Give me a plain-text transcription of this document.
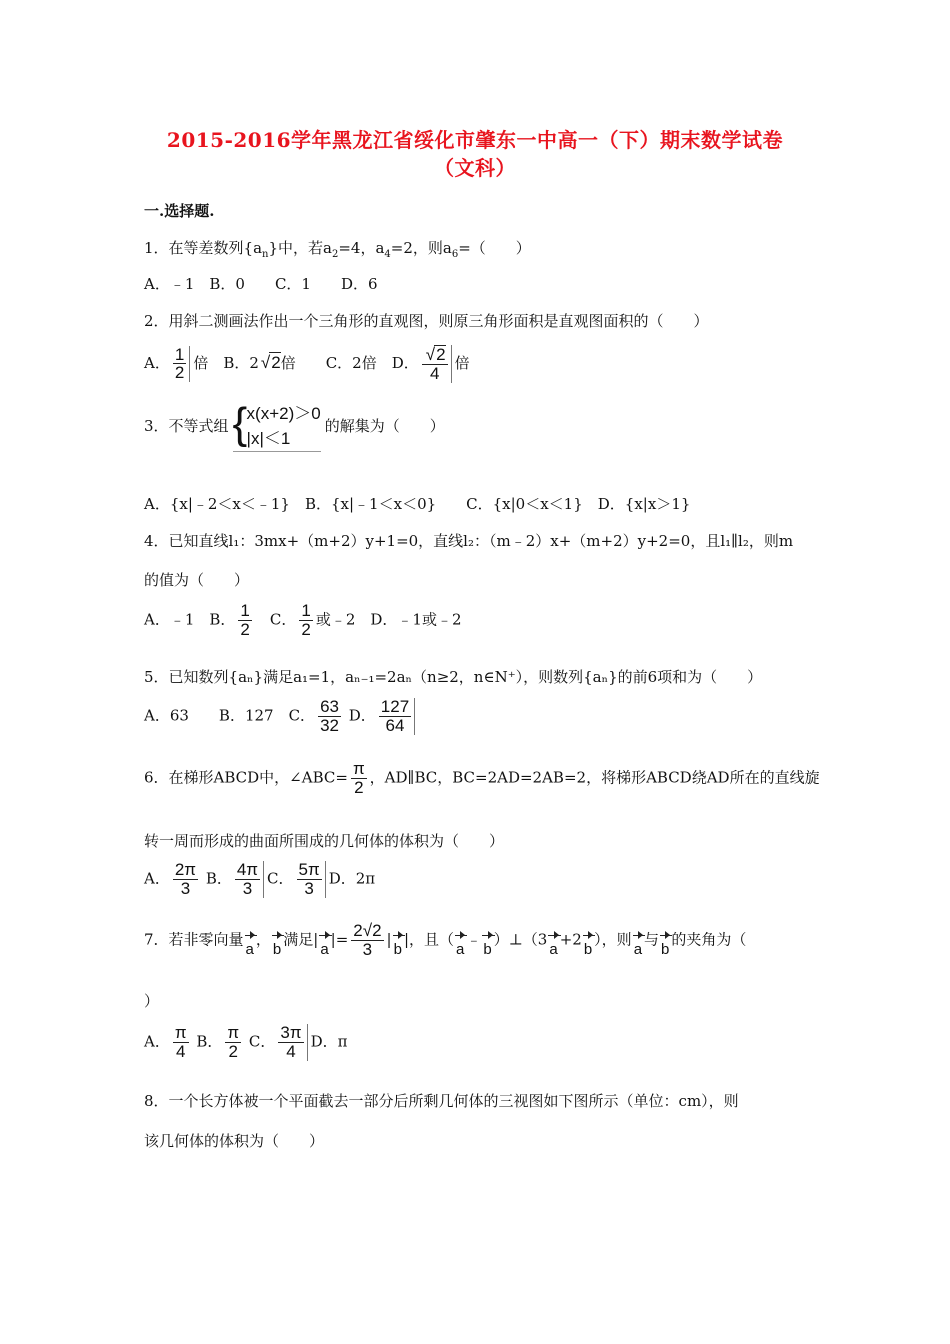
2015-2016学年黑龙江省绥化市肇东一中高一（下）期末数学试卷
（文科）
一.选择题.
1．在等差数列$\{a_n\}$中，若$a_2=4$，$a_4=2$，则$a_6=$（　　）
A．﹣1　B．0　　C．1　　D．6
2．用斜二测画法作出一个三角形的直观图，则原三角形面积是直观图面积的（　　）
A． $\frac{1}{2}$ 倍　B．2 √ 2倍　　C．2倍　D． √ $\frac{2}{4}$ 倍
3．不等式组 { x(x+2)＞0
|x|＜1
的解集为（　　）
A．{x|﹣2＜x＜﹣1}　B．{x|﹣1＜x＜0}　　C．{x|0＜x＜1}　D．{x|x＞1}
4．已知直线l₁：3mx+（m+2）y+1=0，直线l₂：（m﹣2）x+（m+2）y+2=0，且l₁∥l₂，则m
的值为（　　）
A．﹣1　B． $\frac{1}{2}$
　 C． $\frac{1}{2}$ 或﹣2　D．﹣1或﹣2
5．已知数列{aₙ}满足a₁=1，aₙ₋₁=2aₙ（n≥2，n∈N⁺），则数列{aₙ}的前6项和为（　　）
A．63　　B．127　C． $\frac{63}{32}$ D． $\frac{127}{64}$
6．在梯形ABCD中，∠ABC= $\frac{\pi}{2}$ ，AD∥BC，BC=2AD=2AB=2，将梯形ABCD绕AD所在的直线旋
转一周而形成的曲面所围成的几何体的体积为（　　）
A． $\frac{2\pi}{3}$ B． $\frac{4\pi}{3}$ C． $\frac{5\pi}{3}$ D．2π
7．若非零向量a，b满足$|a|= \frac{2√2}{3} |b|$，且（a﹣b）⊥（3a+2b），则a与b的夹角为（
）
A． $\frac{\pi}{4}$ B． $\frac{\pi}{2}$ C． $\frac{3\pi}{4}$ D．π
8．一个长方体被一个平面截去一部分后所剩几何体的三视图如下图所示（单位：cm），则
该几何体的体积为（　　）
